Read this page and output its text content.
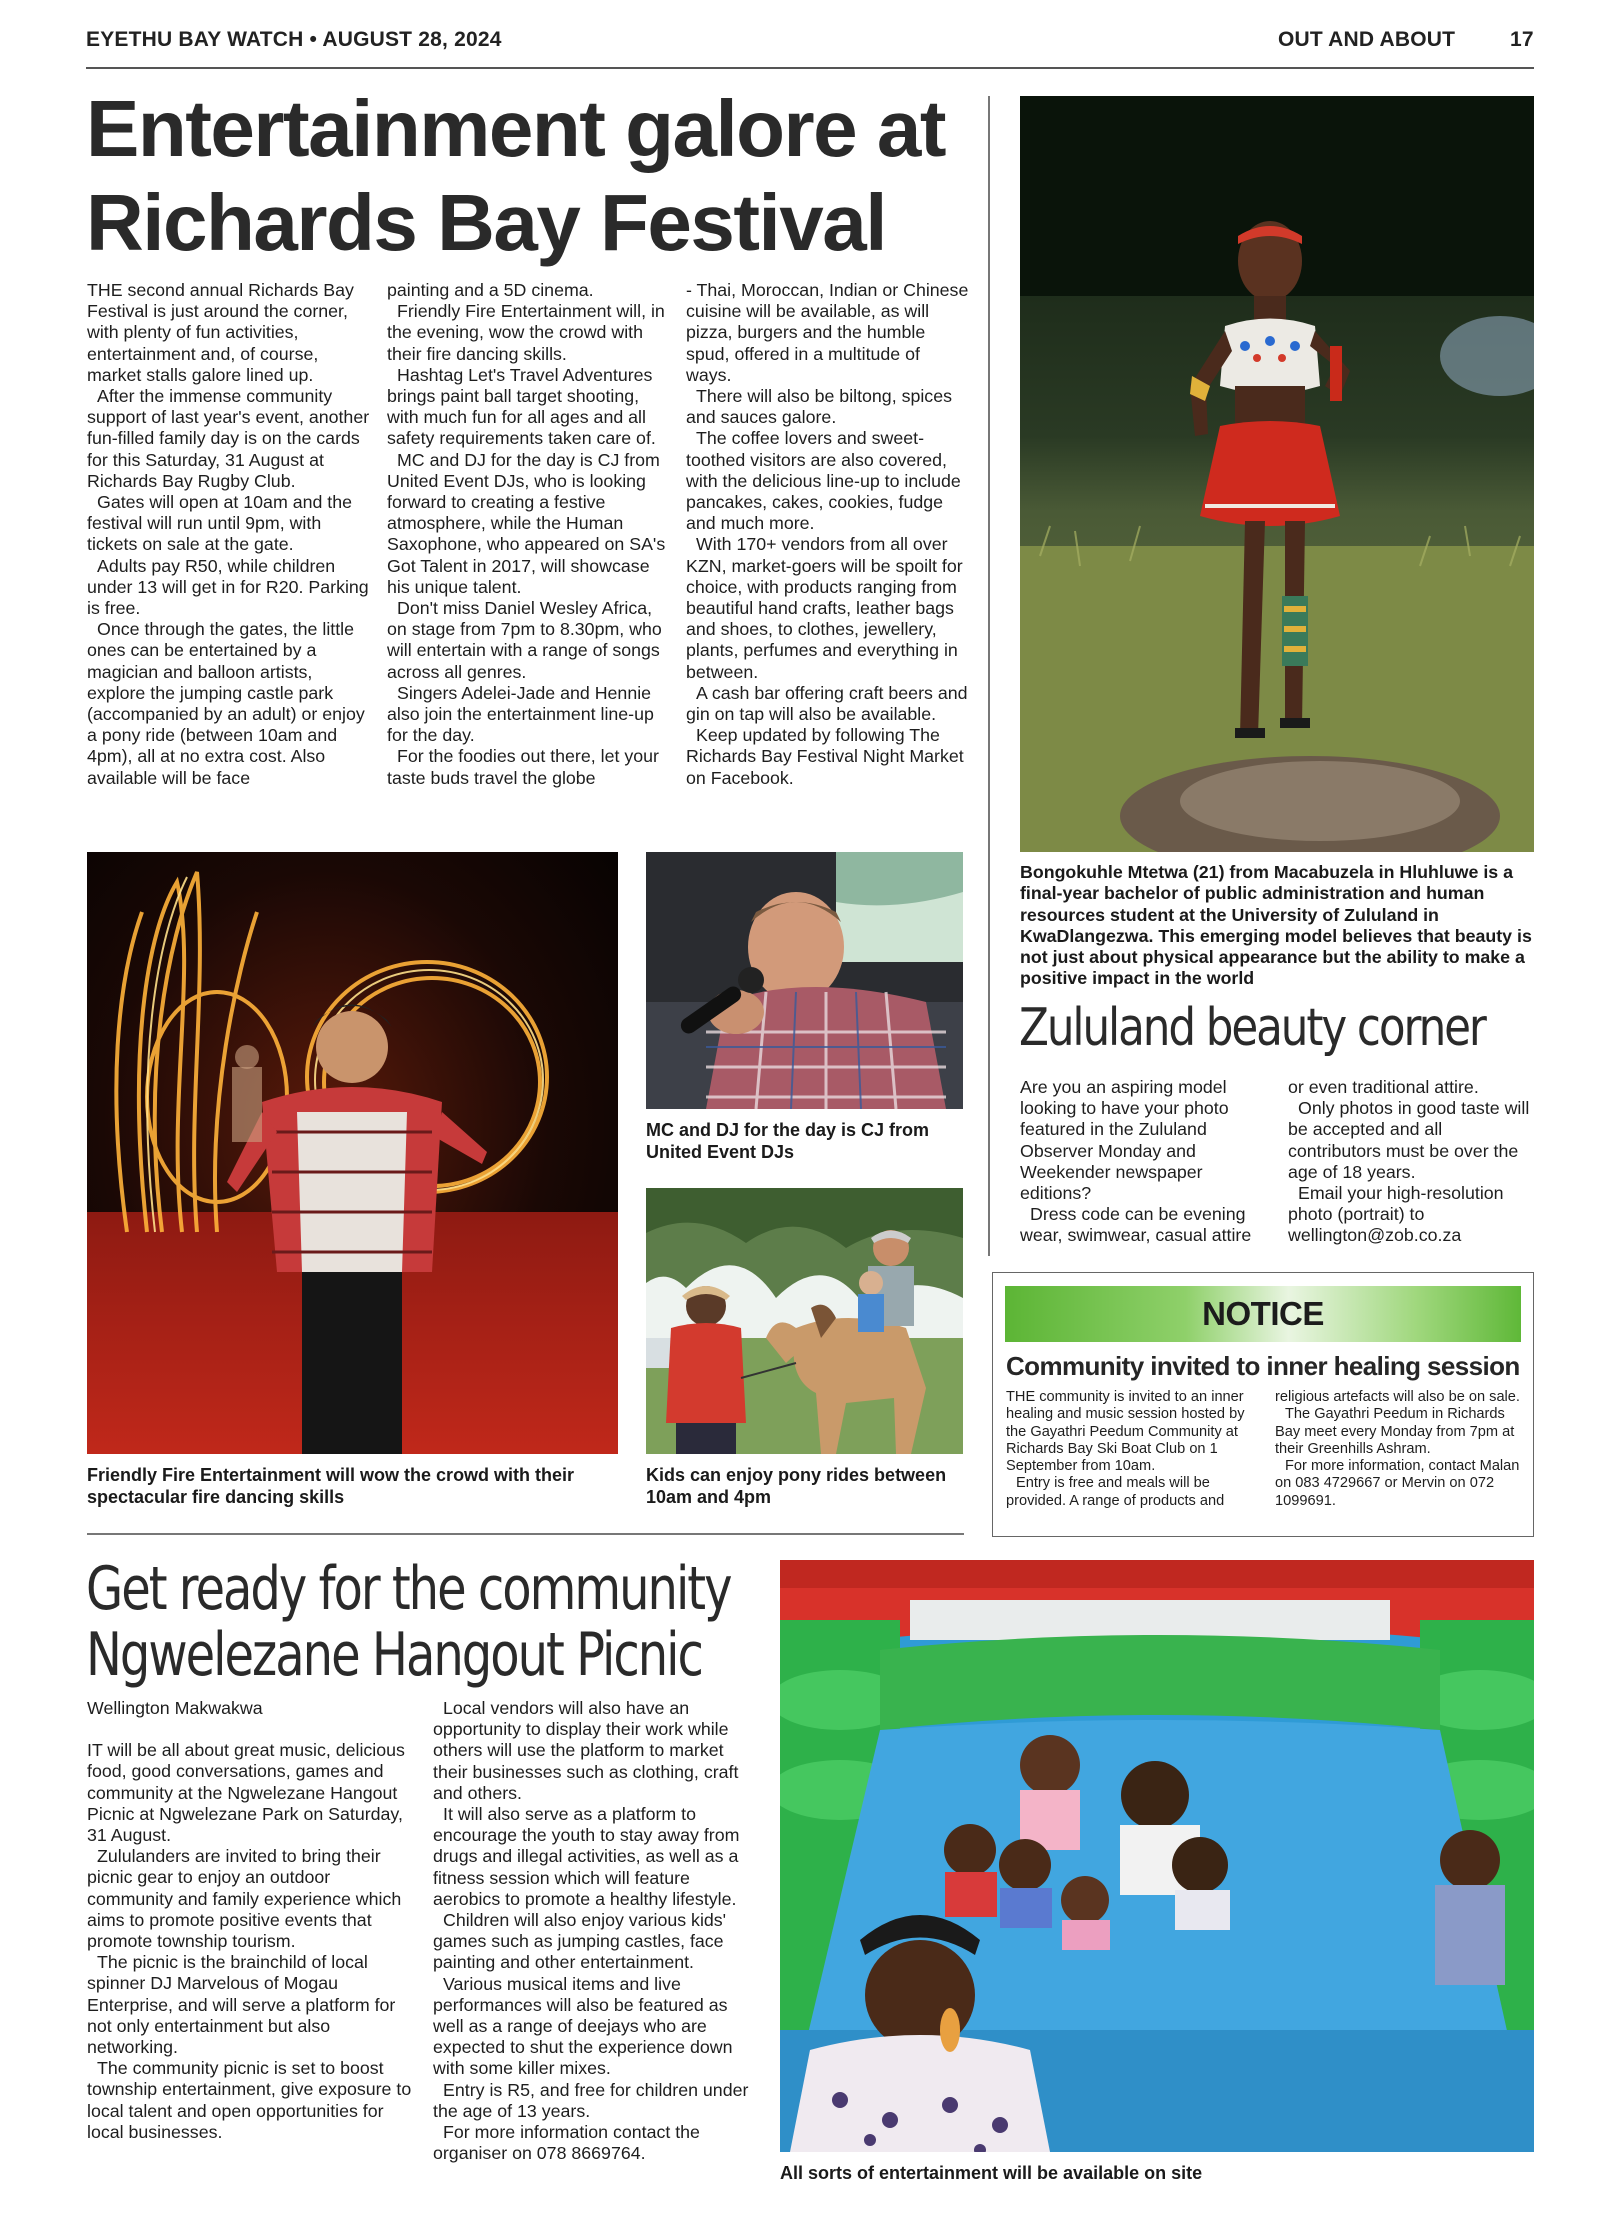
EYETHU BAY WATCH • AUGUST 28, 2024	OUT AND ABOUT	17
Entertainment galore at
Richards Bay Festival

THE second annual Richards Bay Festival is just around the corner, with plenty of fun activities, entertainment and, of course, market stalls galore lined up.

After the immense community support of last year's event, another fun-filled family day is on the cards for this Saturday, 31 August at Richards Bay Rugby Club.

Gates will open at 10am and the festival will run until 9pm, with tickets on sale at the gate.

Adults pay R50, while children under 13 will get in for R20. Parking is free.

Once through the gates, the little ones can be entertained by a magician and balloon artists, explore the jumping castle park (accompanied by an adult) or enjoy a pony ride (between 10am and 4pm), all at no extra cost. Also available will be face

painting and a 5D cinema.

Friendly Fire Entertainment will, in the evening, wow the crowd with their fire dancing skills.

Hashtag Let's Travel Adventures brings paint ball target shooting, with much fun for all ages and all safety requirements taken care of.

MC and DJ for the day is CJ from United Event DJs, who is looking forward to creating a festive atmosphere, while the Human Saxophone, who appeared on SA's Got Talent in 2017, will showcase his unique talent.

Don't miss Daniel Wesley Africa, on stage from 7pm to 8.30pm, who will entertain with a range of songs across all genres.

Singers Adelei-Jade and Hennie also join the entertainment line-up for the day.

For the foodies out there, let your taste buds travel the globe

- Thai, Moroccan, Indian or Chinese cuisine will be available, as will pizza, burgers and the humble spud, offered in a multitude of ways.

There will also be biltong, spices and sauces galore.

The coffee lovers and sweet-toothed visitors are also covered, with the delicious line-up to include pancakes, cakes, cookies, fudge and much more.

With 170+ vendors from all over KZN, market-goers will be spoilt for choice, with products ranging from beautiful hand crafts, leather bags and shoes, to clothes, jewellery, plants, perfumes and everything in between.

A cash bar offering craft beers and gin on tap will also be available.

Keep updated by following The Richards Bay Festival Night Market on Facebook.

Friendly Fire Entertainment will wow the crowd with their spectacular fire dancing skills
MC and DJ for the day is CJ from United Event DJs
Kids can enjoy pony rides between 10am and 4pm
Bongokuhle Mtetwa (21) from Macabuzela in Hluhluwe is a final-year bachelor of public administration and human resources student at the University of Zululand in KwaDlangezwa. This emerging model believes that beauty is not just about physical appearance but the ability to make a positive impact in the world
Zululand beauty corner

Are you an aspiring model looking to have your photo featured in the Zululand Observer Monday and Weekender newspaper editions?

Dress code can be evening wear, swimwear, casual attire

or even traditional attire.

Only photos in good taste will be accepted and all contributors must be over the age of 18 years.

Email your high-resolution photo (portrait) to wellington@zob.co.za

NOTICE
Community invited to inner healing session

THE community is invited to an inner healing and music session hosted by the Gayathri Peedum Community at Richards Bay Ski Boat Club on 1 September from 10am.

Entry is free and meals will be provided. A range of products and

religious artefacts will also be on sale.

The Gayathri Peedum in Richards Bay meet every Monday from 7pm at their Greenhills Ashram.

For more information, contact Malan on 083 4729667 or Mervin on 072 1099691.

Get ready for the community
Ngwelezane Hangout Picnic

Wellington Makwakwa

IT will be all about great music, delicious food, good conversations, games and community at the Ngwelezane Hangout Picnic at Ngwelezane Park on Saturday, 31 August.

Zululanders are invited to bring their picnic gear to enjoy an outdoor community and family experience which aims to promote positive events that promote township tourism.

The picnic is the brainchild of local spinner DJ Marvelous of Mogau Enterprise, and will serve a platform for not only entertainment but also networking.

The community picnic is set to boost township entertainment, give exposure to local talent and open opportunities for local businesses.

Local vendors will also have an opportunity to display their work while others will use the platform to market their businesses such as clothing, craft and others.

It will also serve as a platform to encourage the youth to stay away from drugs and illegal activities, as well as a fitness session which will feature aerobics to promote a healthy lifestyle.

Children will also enjoy various kids' games such as jumping castles, face painting and other entertainment.

Various musical items and live performances will also be featured as well as a range of deejays who are expected to shut the experience down with some killer mixes.

Entry is R5, and free for children under the age of 13 years.

For more information contact the organiser on 078 8669764.

All sorts of entertainment will be available on site
